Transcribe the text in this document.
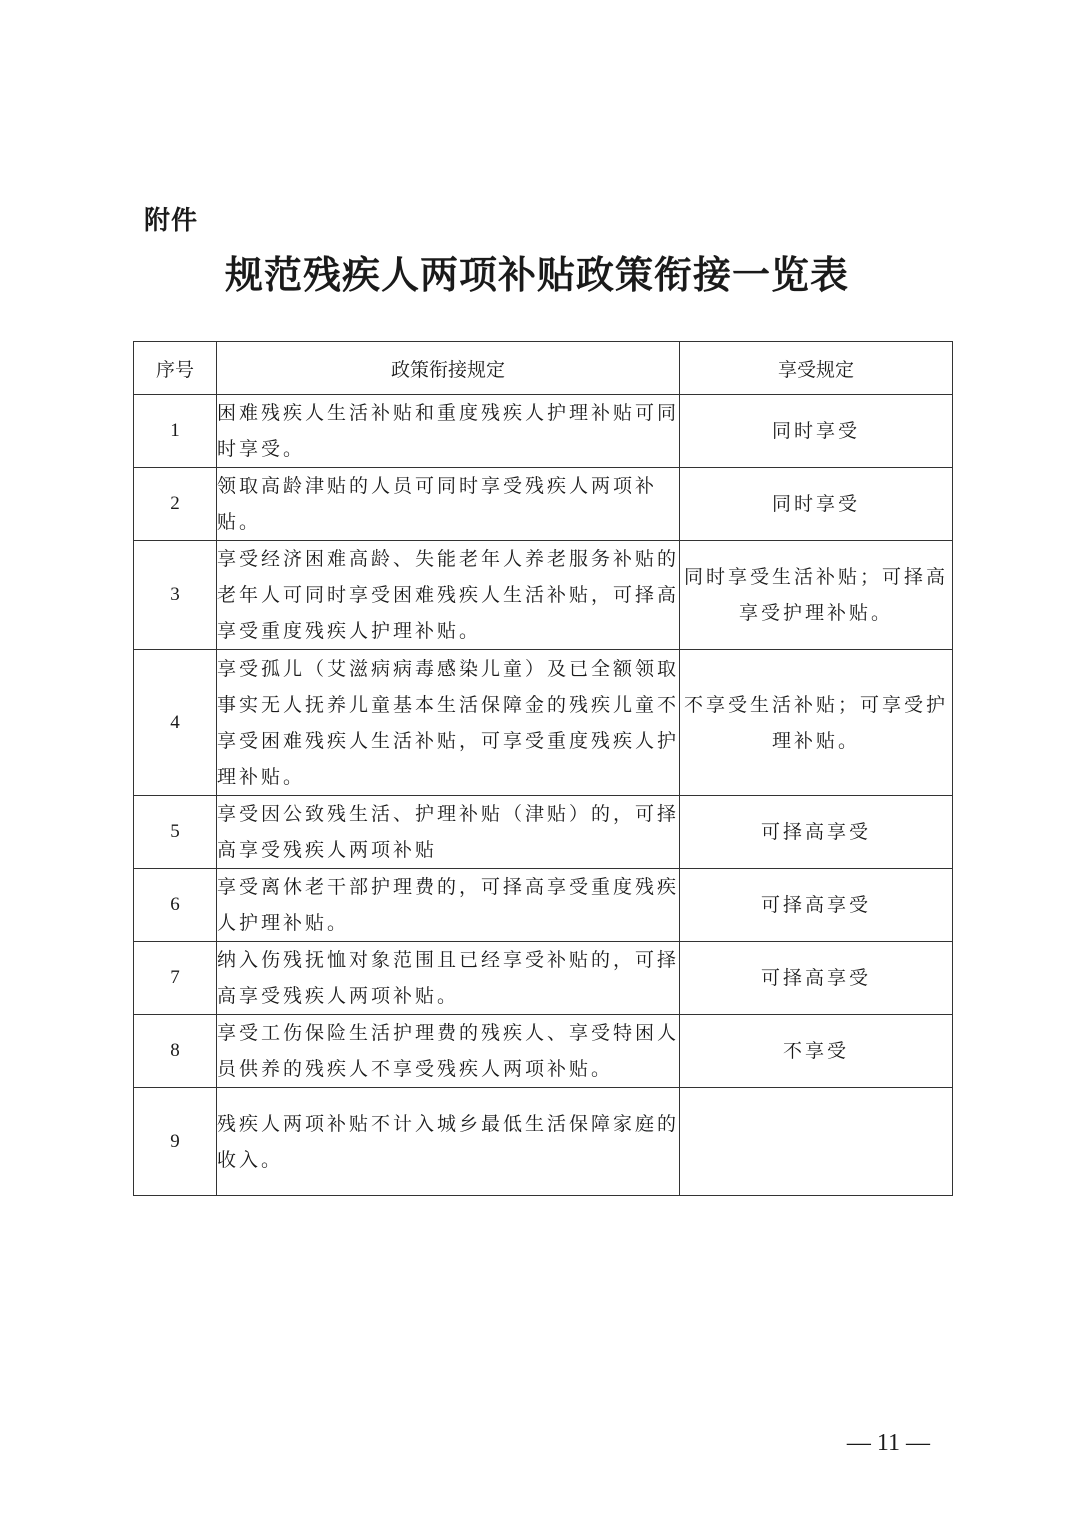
附件
规范残疾人两项补贴政策衔接一览表
序号	政策衔接规定	享受规定
1	困难残疾人生活补贴和重度残疾人护理补贴可同时享受。	同时享受
2	领取高龄津贴的人员可同时享受残疾人两项补贴。	同时享受
3	享受经济困难高龄、失能老年人养老服务补贴的老年人可同时享受困难残疾人生活补贴，可择高享受重度残疾人护理补贴。	同时享受生活补贴；可择高享受护理补贴。
4	享受孤儿（艾滋病病毒感染儿童）及已全额领取事实无人抚养儿童基本生活保障金的残疾儿童不享受困难残疾人生活补贴，可享受重度残疾人护理补贴。	不享受生活补贴；可享受护理补贴。
5	享受因公致残生活、护理补贴（津贴）的，可择高享受残疾人两项补贴	可择高享受
6	享受离休老干部护理费的，可择高享受重度残疾人护理补贴。	可择高享受
7	纳入伤残抚恤对象范围且已经享受补贴的，可择高享受残疾人两项补贴。	可择高享受
8	享受工伤保险生活护理费的残疾人、享受特困人员供养的残疾人不享受残疾人两项补贴。	不享受
9	残疾人两项补贴不计入城乡最低生活保障家庭的收入。	
— 11 —
